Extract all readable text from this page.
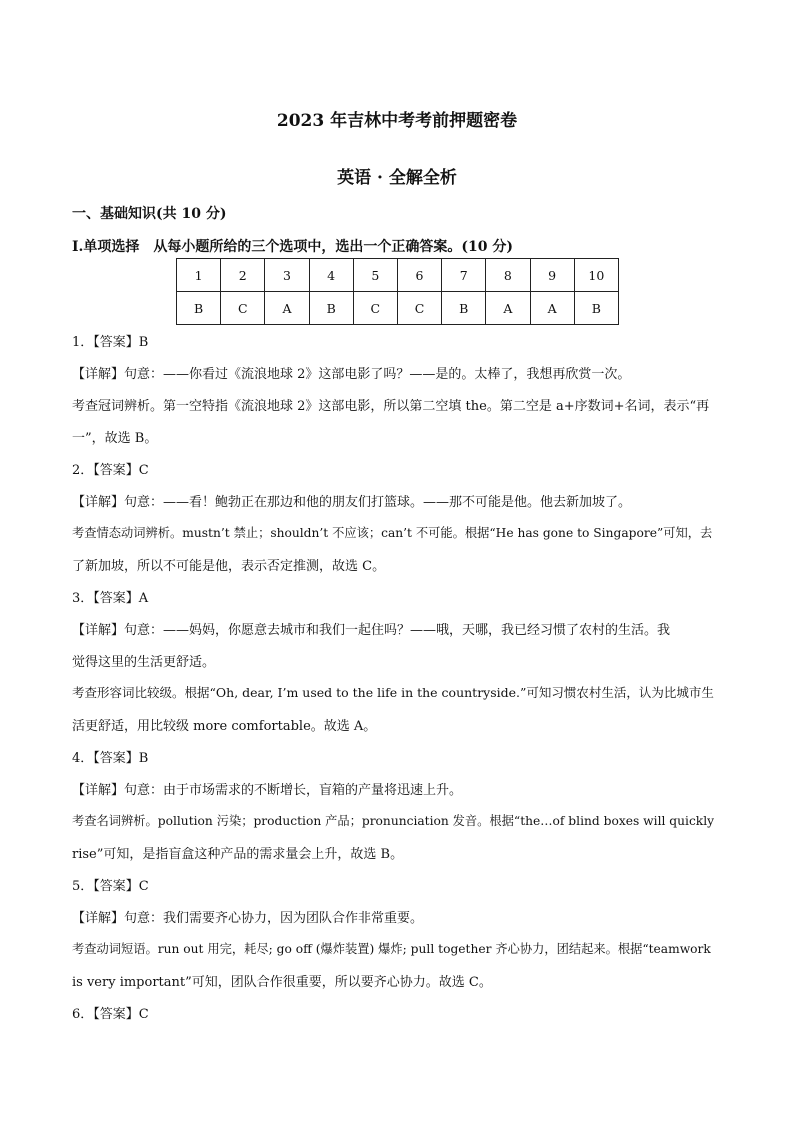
2023 年吉林中考考前押题密卷
英语 · 全解全析
一、基础知识(共 10 分)
I.单项选择　从每小题所给的三个选项中，选出一个正确答案。(10 分)
1	2	3	4	5	6	7	8	9	10
B	C	A	B	C	C	B	A	A	B
1．【答案】B
【详解】句意：——你看过《流浪地球 2》这部电影了吗？——是的。太棒了，我想再欣赏一次。
考查冠词辨析。第一空特指《流浪地球 2》这部电影，所以第二空填 the。第二空是 a+序数词+名词，表示“再
一”，故选 B。
2．【答案】C
【详解】句意：——看！鲍勃正在那边和他的朋友们打篮球。——那不可能是他。他去新加坡了。
考查情态动词辨析。mustn’t 禁止；shouldn’t 不应该；can’t 不可能。根据“He has gone to Singapore”可知，去
了新加坡，所以不可能是他，表示否定推测，故选 C。
3．【答案】A
【详解】句意：——妈妈，你愿意去城市和我们一起住吗？——哦，天哪，我已经习惯了农村的生活。我
觉得这里的生活更舒适。
考查形容词比较级。根据“Oh, dear, I’m used to the life in the countryside.”可知习惯农村生活，认为比城市生
活更舒适，用比较级 more comfortable。故选 A。
4．【答案】B
【详解】句意：由于市场需求的不断增长，盲箱的产量将迅速上升。
考查名词辨析。pollution 污染；production 产品；pronunciation 发音。根据“the…of blind boxes will quickly
rise”可知，是指盲盒这种产品的需求量会上升，故选 B。
5．【答案】C
【详解】句意：我们需要齐心协力，因为团队合作非常重要。
考查动词短语。run out 用完，耗尽; go off (爆炸装置) 爆炸; pull together 齐心协力，团结起来。根据“teamwork
is very important”可知，团队合作很重要，所以要齐心协力。故选 C。
6．【答案】C
